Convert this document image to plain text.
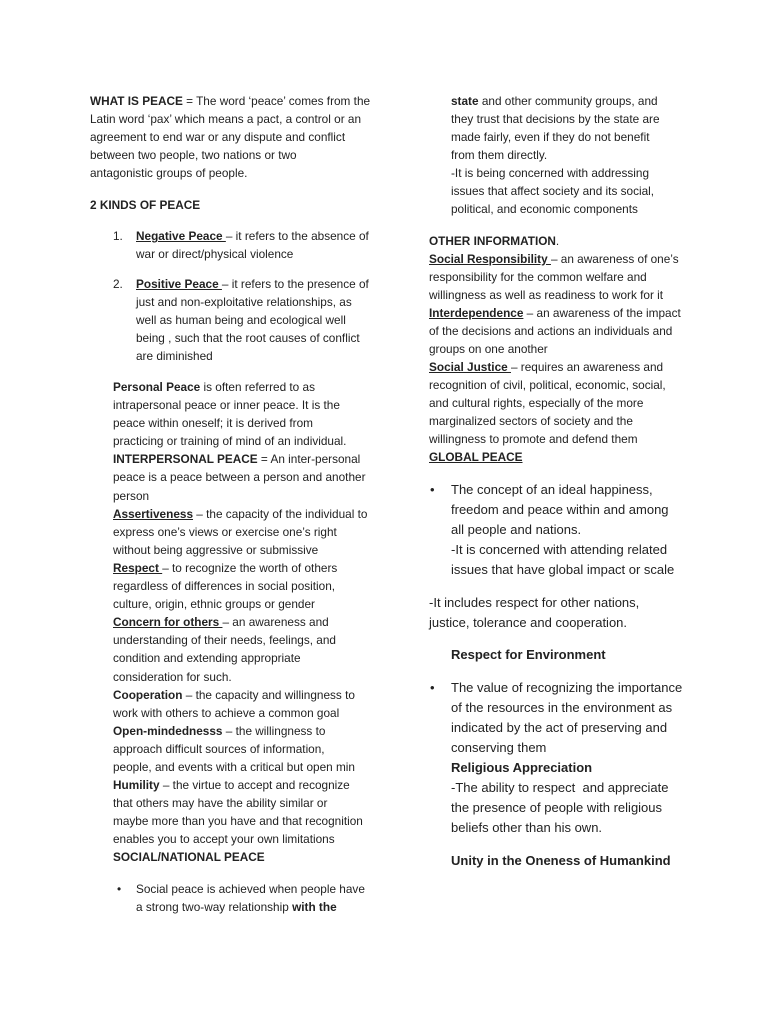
WHAT IS PEACE = The word ‘peace’ comes from the
Latin word ‘pax’ which means a pact, a control or an
agreement to end war or any dispute and conflict
between two people, two nations or two
antagonistic groups of people.
2 KINDS OF PEACE
1. Negative Peace – it refers to the absence of
war or direct/physical violence
2. Positive Peace – it refers to the presence of
just and non-exploitative relationships, as
well as human being and ecological well
being , such that the root causes of conflict
are diminished
Personal Peace is often referred to as
intrapersonal peace or inner peace. It is the
peace within oneself; it is derived from
practicing or training of mind of an individual.
INTERPERSONAL PEACE = An inter-personal
peace is a peace between a person and another
person
Assertiveness – the capacity of the individual to
express one’s views or exercise one’s right
without being aggressive or submissive
Respect – to recognize the worth of others
regardless of differences in social position,
culture, origin, ethnic groups or gender
Concern for others – an awareness and
understanding of their needs, feelings, and
condition and extending appropriate
consideration for such.
Cooperation – the capacity and willingness to
work with others to achieve a common goal
Open-mindednesss – the willingness to
approach difficult sources of information,
people, and events with a critical but open min
Humility – the virtue to accept and recognize
that others may have the ability similar or
maybe more than you have and that recognition
enables you to accept your own limitations
SOCIAL/NATIONAL PEACE
• Social peace is achieved when people have
a strong two-way relationship with the
state and other community groups, and
they trust that decisions by the state are
made fairly, even if they do not benefit
from them directly.
-It is being concerned with addressing
issues that affect society and its social,
political, and economic components
OTHER INFORMATION.
Social Responsibility – an awareness of one’s
responsibility for the common welfare and
willingness as well as readiness to work for it
Interdependence – an awareness of the impact
of the decisions and actions an individuals and
groups on one another
Social Justice – requires an awareness and
recognition of civil, political, economic, social,
and cultural rights, especially of the more
marginalized sectors of society and the
willingness to promote and defend them
GLOBAL PEACE
• The concept of an ideal happiness,
freedom and peace within and among
all people and nations.
-It is concerned with attending related
issues that have global impact or scale
-It includes respect for other nations,
justice, tolerance and cooperation.
Respect for Environment
• The value of recognizing the importance
of the resources in the environment as
indicated by the act of preserving and
conserving them
Religious Appreciation
-The ability to respect  and appreciate
the presence of people with religious
beliefs other than his own.
Unity in the Oneness of Humankind
